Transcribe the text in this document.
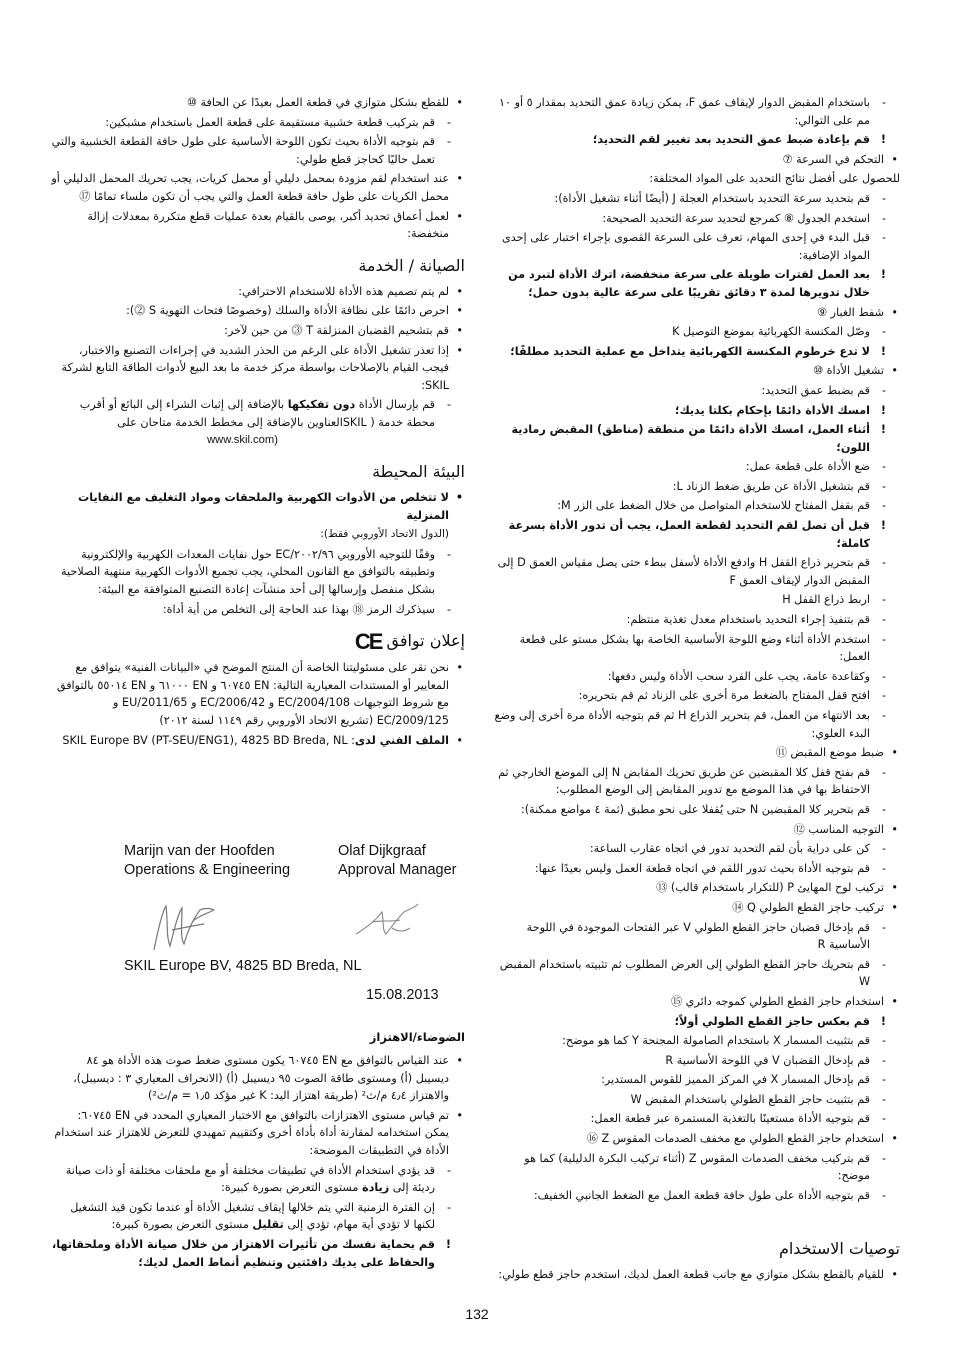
- باستخدام المقبض الدوار لإيقاف عمق F، يمكن زيادة عمق التحديد بمقدار ٥ أو ١٠ مم على التوالي:
! قم بإعادة ضبط عمق التحديد بعد تغيير لقم التحديد؛
• التحكم في السرعة ⑦
للحصول على أفضل نتائج التحديد على المواد المختلفة:
- قم بتحديد سرعة التحديد باستخدام العجلة J (أيضًا أثناء تشغيل الأداة):
- استخدم الجدول ⑧ كمرجع لتحديد سرعة التحديد الصحيحة:
- قبل البدء في إحدى المهام، تعرف على السرعة القصوى بإجراء اختبار على إحدى المواد الإضافية:
! بعد العمل لفترات طويلة على سرعة منخفضة، اترك الأداة لتبرد من خلال تدويرها لمدة ٣ دقائق تقريبًا على سرعة عالية بدون حمل؛
• شفط الغبار ⑨
- وصّل المكنسة الكهربائية بموضع التوصيل K
! لا تدع خرطوم المكنسة الكهربائية يتداخل مع عملية التحديد مطلقًا؛
• تشغيل الأداة ⑩
- قم بضبط عمق التحديد:
! امسك الأداة دائمًا بإحكام بكلتا يديك؛
! أثناء العمل، امسك الأداة دائمًا من منطقة (مناطق) المقبض رمادية اللون؛
- ضع الأداة على قطعة عمل:
- قم بتشغيل الأداة عن طريق ضغط الزناد L:
- قم بقفل المفتاح للاستخدام المتواصل من خلال الضغط على الزر M:
! قبل أن تصل لقم التحديد لقطعة العمل، يجب أن تدور الأداة بسرعة كاملة؛
- قم بتحرير ذراع القفل H وادفع الأداة لأسفل ببطء حتى يصل مقياس العمق D إلى المقبض الدوار لإيقاف العمق F
- اربط ذراع القفل H
- قم بتنفيذ إجراء التحديد باستخدام معدل تغذية منتظم:
- استخدم الأداة أثناء وضع اللوحة الأساسية الخاصة بها بشكل مستو على قطعة العمل:
- وكقاعدة عامة، يجب على الفرد سحب الأداة وليس دفعها:
- افتح قفل المفتاح بالضغط مرة أخرى على الزناد ثم قم بتحريره:
- بعد الانتهاء من العمل، قم بتحرير الذراع H ثم قم بتوجيه الأداة مرة أخرى إلى وضع البدء العلوي:
• ضبط موضع المقبض ⑪
- قم بفتح قفل كلا المقبضين عن طريق تحريك المقابض N إلى الموضع الخارجي ثم الاحتفاظ بها في هذا الموضع مع تدوير المقابض إلى الوضع المطلوب:
- قم بتحرير كلا المقبضين N حتى يُقفلا على نحو مطبق (ثمة ٤ مواضع ممكنة):
• التوجيه المناسب ⑫
- كن على دراية بأن لقم التحديد تدور في اتجاه عقارب الساعة:
- قم بتوجيه الأداة بحيث تدور اللقم في اتجاه قطعة العمل وليس بعيدًا عنها:
• تركيب لوح المهايئ P (للتكرار باستخدام قالب) ⑬
• تركيب حاجز القطع الطولي Q ⑭
- قم بإدخال قضبان حاجز القطع الطولي V عبر الفتحات الموجودة في اللوحة الأساسية R
- قم بتحريك حاجز القطع الطولي إلى العرض المطلوب ثم تثبيته باستخدام المقبض W
• استخدام حاجز القطع الطولي كموجه دائري ⑮
! قم بعكس حاجز القطع الطولي أولاً؛
- قم بتثبيت المسمار X باستخدام الصامولة المجنحة Y كما هو موضح:
- قم بإدخال القضبان V في اللوحة الأساسية R
- قم بإدخال المسمار X في المركز المميز للقوس المستدير:
- قم بتثبيت حاجز القطع الطولي باستخدام المقبض W
- قم بتوجيه الأداة مستعينًا بالتغذية المستمرة عبر قطعة العمل:
• استخدام حاجز القطع الطولي مع مخفف الصدمات المقوس Z ⑯
- قم بتركيب مخفف الصدمات المقوس Z (أثناء تركيب البكرة الدليلية) كما هو موضح:
- قم بتوجيه الأداة على طول حافة قطعة العمل مع الضغط الجانبي الخفيف:
توصيات الاستخدام
• للقيام بالقطع بشكل متوازي مع جانب قطعة العمل لديك، استخدم حاجز قطع طولي:
• للقطع بشكل متوازي في قطعة العمل بعيدًا عن الحافة ⑩
- قم بتركيب قطعة خشبية مستقيمة على قطعة العمل باستخدام مشبكين:
- قم بتوجيه الأداة بحيث تكون اللوحة الأساسية على طول حافة القطعة الخشبية والتي تعمل حاليًا كحاجز قطع طولي:
• عند استخدام لقم مزودة بمحمل دليلي أو محمل كريات، يجب تحريك المحمل الدليلي أو محمل الكريات على طول حافة قطعة العمل والتي يجب أن تكون ملساء تمامًا ⑰
• لعمل أعماق تحديد أكبر، يوصى بالقيام بعدة عمليات قطع متكررة بمعدلات إزالة منخفضة:
الصيانة / الخدمة
• لم يتم تصميم هذه الأداة للاستخدام الاحترافي:
• احرص دائمًا على نظافة الأداة والسلك (وخصوصًا فتحات التهوية S ⓶):
• قم بتشحيم القضبان المنزلقة T ⓷ من حين لآخر:
• إذا تعذر تشغيل الأداة على الرغم من الحذر الشديد في إجراءات التصنيع والاختبار، فيجب القيام بالإصلاحات بواسطة مركز خدمة ما بعد البيع لأدوات الطاقة التابع لشركة SKIL:
- قم بإرسال الأداة دون تفكيكها بالإضافة إلى إثبات الشراء إلى البائع أو أقرب محطة خدمة ( SKILالعناوين بالإضافة إلى مخطط الخدمة متاحان على
www.skil.com)
البيئة المحيطة
• لا تتخلص من الأدوات الكهربية والملحقات ومواد التغليف مع النفايات المنزلية
(الدول الاتحاد الأوروبي فقط):
- وفقًا للتوجيه الأوروبي ٢٠٠٢/٩٦/EC حول نفايات المعدات الكهربية والإلكترونية وتطبيقه بالتوافق مع القانون المحلي، يجب تجميع الأدوات الكهربية منتهية الصلاحية بشكل منفصل وإرسالها إلى أحد منشآت إعادة التصنيع المتوافقة مع البيئة:
- سيذكرك الرمز ⑱ بهذا عند الحاجة إلى التخلص من أية أداة:
إعلان توافق CE
• نحن نقر على مسئوليتنا الخاصة أن المنتج الموضح في «البيانات الفنية» يتوافق مع المعايير أو المستندات المعيارية التالية: EN ٦٠٧٤٥ و EN ٦١٠٠٠ و EN ٥٥٠١٤ بالتوافق مع شروط التوجيهات 2004/108/EC و 2006/42/EC و 2011/65/EU و 2009/125/EC (تشريع الاتحاد الأوروبي رقم ١١٤٩ لسنة ٢٠١٢)
• الملف الفني لدى: SKIL Europe BV (PT-SEU/ENG1), 4825 BD Breda, NL
Marijn van der Hoofden
Operations & Engineering
Olaf Dijkgraaf
Approval Manager
SKIL Europe BV, 4825 BD Breda, NL
15.08.2013
الضوضاء/الاهتزاز
• عند القياس بالتوافق مع EN ٦٠٧٤٥ يكون مستوى ضغط صوت هذه الأداة هو ٨٤ ديسيبل (أ) ومستوى طاقة الصوت ٩٥ ديسيبل (أ) (الانحراف المعياري ٣ : ديسيبل)، والاهتزاز ٤٫٤ م/ث² (طريقة اهتزاز اليد: K غير مؤكد ١٫٥ = م/ث²)
• تم قياس مستوى الاهتزازات بالتوافق مع الاختبار المعياري المحدد في EN ٦٠٧٤٥: يمكن استخدامه لمقارنة أداة بأداة أخرى وكتقييم تمهيدي للتعرض للاهتزاز عند استخدام الأداة في التطبيقات الموضحة:
- قد يؤدي استخدام الأداة في تطبيقات مختلفة أو مع ملحقات مختلفة أو ذات صيانة رديئة إلى زيادة مستوى التعرض بصورة كبيرة:
- إن الفترة الزمنية التي يتم خلالها إيقاف تشغيل الأداة أو عندما تكون قيد التشغيل لكنها لا تؤدي أية مهام، تؤدي إلى تقليل مستوى التعرض بصورة كبيرة:
! قم بحماية نفسك من تأثيرات الاهتزاز من خلال صيانة الأداة وملحقاتها، والحفاظ على يديك دافئتين وتنظيم أنماط العمل لديك؛
132
